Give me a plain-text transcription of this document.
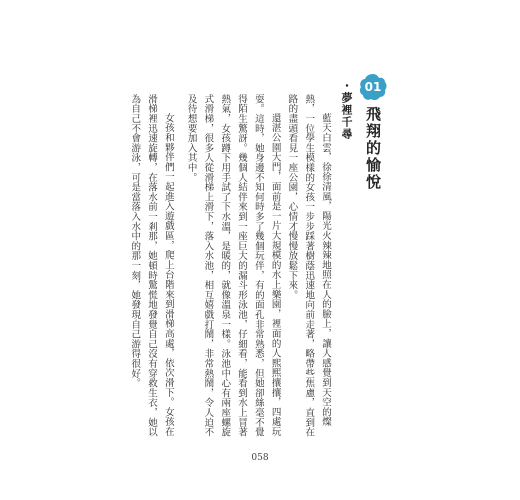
01
飛翔的愉悅
・夢裡千尋

藍天白雲，徐徐清風，陽光火辣辣地照在人的臉上，讓人感覺到天空的燦熱，一位學生模樣的女孩一步步踩著樹蔭迅速地向前走著，略帶些焦慮，直到在路的盡頭看見一座公園，心情才慢慢放鬆下來。

還湛公園大門，面前是一片大規模的水上樂園，裡面的人熙熙攘攘，四處玩耍。這時，她身邊不知何時多了幾個玩伴，有的面孔非常熟悉，但她卻絲毫不覺得陌生驚訝。幾個人結伴來到一座巨大的漏斗形泳池，仔細看，能看到水上冒著熱氣，女孩蹲下用手試了下水溫，是暖的，就像溫泉一樣。泳池中心有兩座螺旋式滑梯，很多人從滑梯上滑下，落入水池，相互嬉戲打鬧，非常熱鬧，令人迫不及待想要加入其中。

女孩和夥伴們一起進入遊戲區，爬上台階來到滑梯高處，依次滑下。女孩在滑梯裡迅速旋轉，在落水前一剎那，她頓時驚慌地發覺自己沒有穿救生衣，她以為自己不會游泳，可是當落入水中的那一刻，她發現自己游得很好。

058
